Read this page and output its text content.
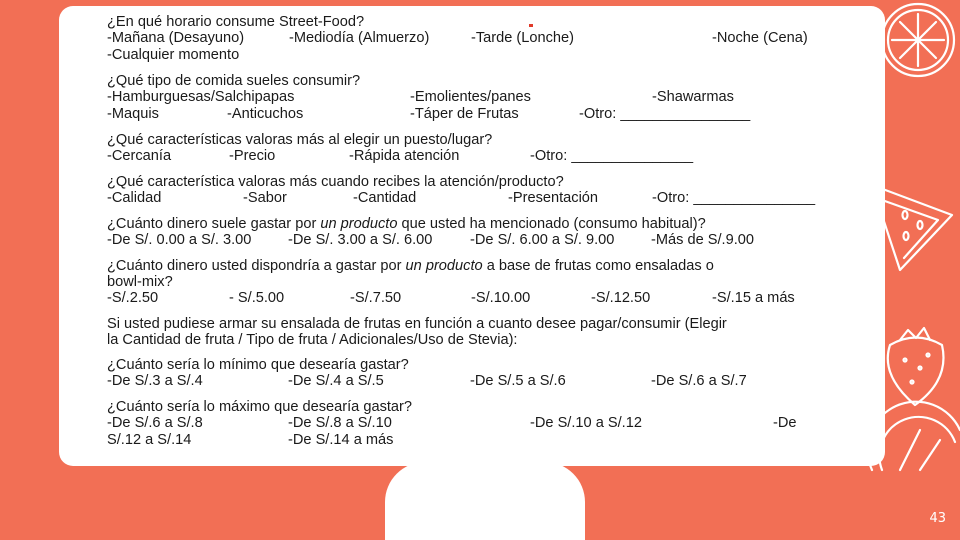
¿En qué horario consume Street-Food?
-Mañana (Desayuno)	-Mediodía (Almuerzo)	-Tarde (Lonche)	-Noche (Cena)
-Cualquier momento
¿Qué tipo de comida sueles consumir?
-Hamburguesas/Salchipapas	-Emolientes/panes	-Shawarmas
-Maquis	-Anticuchos	-Táper de Frutas	-Otro: ________________
¿Qué características valoras más al elegir un puesto/lugar?
-Cercanía	-Precio	-Rápida atención	-Otro: _______________
¿Qué característica valoras más cuando recibes la atención/producto?
-Calidad	-Sabor	-Cantidad	-Presentación	-Otro: _______________
¿Cuánto dinero suele gastar por un producto que usted ha mencionado (consumo habitual)?
-De S/. 0.00 a S/. 3.00	-De S/. 3.00 a S/. 6.00	-De S/. 6.00 a S/. 9.00	-Más de S/.9.00
¿Cuánto dinero usted dispondría a gastar por un producto a base de frutas como ensaladas o
bowl-mix?
-S/.2.50	- S/.5.00	-S/.7.50	-S/.10.00	-S/.12.50	-S/.15 a más
Si usted pudiese armar su ensalada de frutas en función a cuanto desee pagar/consumir (Elegir
la Cantidad de fruta / Tipo de fruta / Adicionales/Uso de Stevia):
¿Cuánto sería lo mínimo que desearía gastar?
-De S/.3 a S/.4	-De S/.4 a S/.5	-De S/.5 a S/.6	-De S/.6 a S/.7
¿Cuánto sería lo máximo que desearía gastar?
-De S/.6 a S/.8	-De S/.8 a S/.10	-De S/.10 a S/.12	-De
S/.12 a S/.14	-De S/.14 a más
43
